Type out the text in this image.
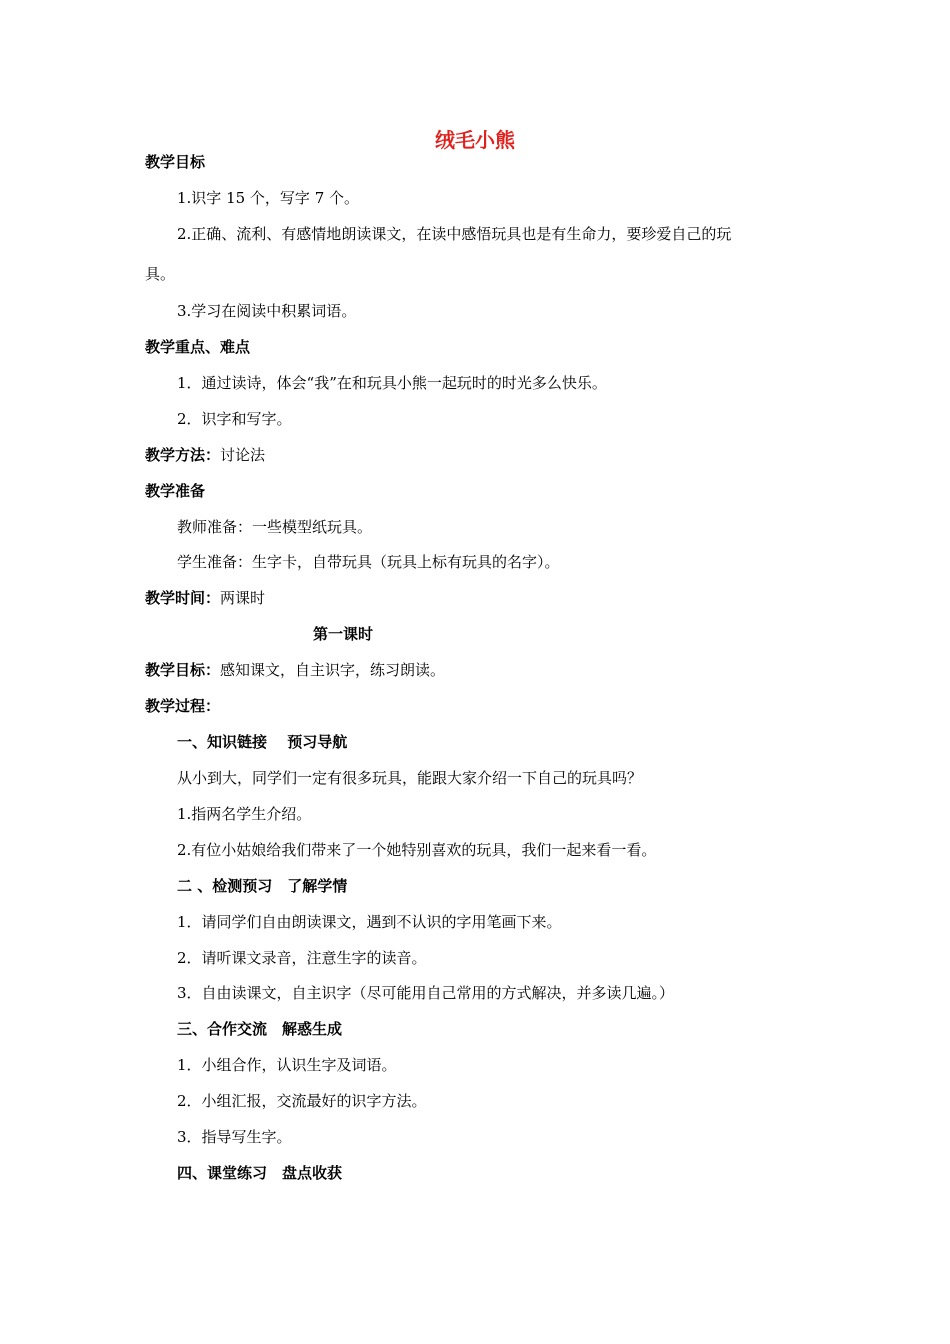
绒毛小熊
教学目标
1.识字 15 个，写字 7 个。
2.正确、流利、有感情地朗读课文，在读中感悟玩具也是有生命力，要珍爱自己的玩
具。
3.学习在阅读中积累词语。
教学重点、难点
1．通过读诗，体会“我”在和玩具小熊一起玩时的时光多么快乐。
2．识字和写字。
教学方法：讨论法
教学准备
教师准备：一些模型纸玩具。
学生准备：生字卡，自带玩具（玩具上标有玩具的名字）。
教学时间：两课时
第一课时
教学目标：感知课文，自主识字，练习朗读。
教学过程：
一、知识链接　 预习导航
从小到大，同学们一定有很多玩具，能跟大家介绍一下自己的玩具吗？
1.指两名学生介绍。
2.有位小姑娘给我们带来了一个她特别喜欢的玩具，我们一起来看一看。
二 、检测预习　了解学情
1．请同学们自由朗读课文，遇到不认识的字用笔画下来。
2．请听课文录音，注意生字的读音。
3．自由读课文，自主识字（尽可能用自己常用的方式解决，并多读几遍。）
三、合作交流　解惑生成
1．小组合作，认识生字及词语。
2．小组汇报，交流最好的识字方法。
3．指导写生字。
四、课堂练习　盘点收获
